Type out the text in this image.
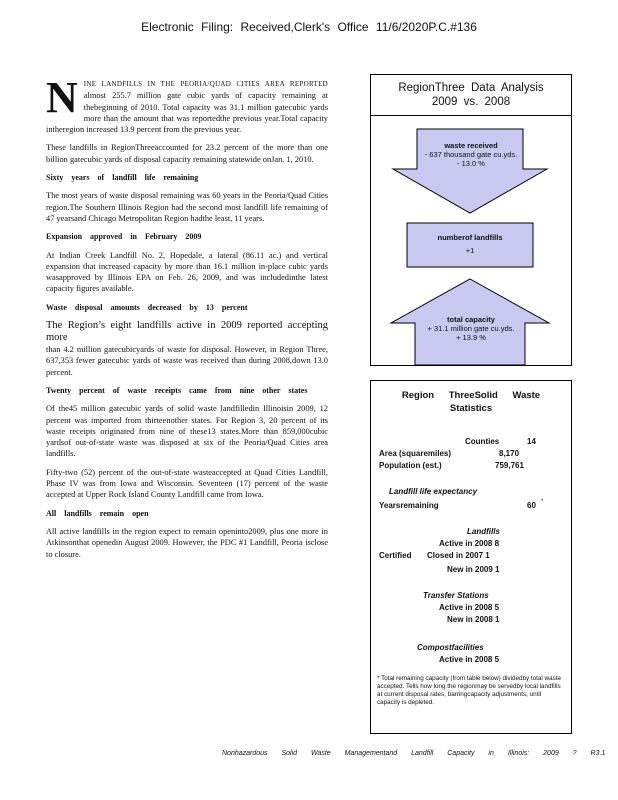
Electronic Filing: Received,Clerk's Office 11/6/2020P.C.#136

N INE LANDFILLS IN THE PEORIA/QUAD CITIES AREA REPORTED almost 255.7 million gate cubic yards of capacity remaining at thebeginning of 2010. Total capacity was 31.1 million gatecubic yards more than the amount that was reportedthe previous year.Total capacity intheregion increased 13.9 percent from the previous year.

These landfills in RegionThreeaccounted for 23.2 percent of the more than one billion gatecubic yards of disposal capacity remaining statewide onJan. 1, 2010.

Sixty years of landfill life remaining

The most years of waste disposal remaining was 60 years in the Peoria/Quad Cities region.The Southern Illinois Region had the second most landfill life remaining of 47 yearsand Chicago Metropolitan Region hadthe least, 11 years.

Expansion approved in February 2009

At Indian Creek Landfill No. 2, Hopedale, a lateral (86.11 ac.) and vertical expansion that increased capacity by more than 16.1 million in-place cubic yards wasapproved by Illinois EPA on Feb. 26, 2009, and was includedinthe latest capacity figures available.

Waste disposal amounts decreased by 13 percent
The Region’s eight landfills active in 2009 reported accepting more

than 4.2 million gatecubicyards of waste for disposal. However, in Region Three, 637,353 fewer gatecubic yards of waste was received than during 2008,down 13.0 percent.

Twenty percent of waste receipts came from nine other states

Of the45 million gatecubic yards of solid waste landfilledin Illinoisin 2009, 12 percent was imported from thirteenother states. For Region 3, 20 percent of its waste receipts originated from nine of these13 states.More than 859,000cubic yardsof out-of-state waste was disposed at six of the Peoria/Quad Cities area landfills.

Fifty-two (52) percent of the out-of-state wasteaccepted at Quad Cities Landfill, Phase IV was from Iowa and Wisconsin. Seventeen (17) percent of the waste accepted at Upper Rock Island County Landfill came from Iowa.

All landfills remain open

All active landfills in the region expect to remain openinto2009, plus one more in Atkinsonthat openedin August 2009. However, the PDC #1 Landfill, Peoria isclose to closure.

RegionThree Data Analysis
2009 vs. 2008
waste received
- 637 thousand gate cu.yds.
- 13.0 %
numberof landfills
+1
total capacity
+ 31.1 million gate cu.yds.
+ 13.9 %
Region ThreeSolid Waste
Statistics
Counties	14
Area (squaremiles)	8,170
Population (est.)	759,761
Landfill life expectancy
Yearsremaining	60 *
Landfills
Active in 2008 8
Certified Closed in 2007 1
New in 2009 1
Transfer Stations
Active in 2008 5
New in 2008 1
Compostfacilities
Active in 2008 5
* Total remaining capacity (from table below) dividedby total waste accepted. Tells how long the regionmay be servedby local landfills at current disposal rates, barringcapacity adjustments, until capacity is depleted.
Nonhazardous Solid Waste Managementand Landfill Capacity in Illinois: 2009 ? R3.1
